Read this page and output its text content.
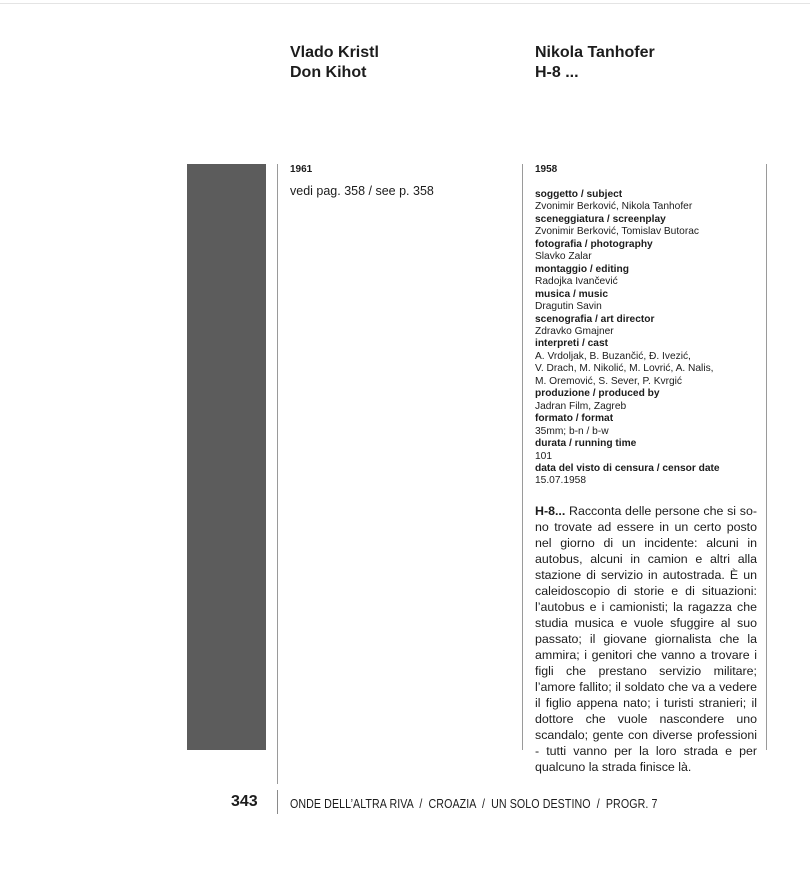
Vlado Kristl
Don Kihot
Nikola Tanhofer
H-8 ...
1961
vedi pag. 358 / see p. 358
1958
soggetto / subject
Zvonimir Berković, Nikola Tanhofer
sceneggiatura / screenplay
Zvonimir Berković, Tomislav Butorac
fotografia / photography
Slavko Zalar
montaggio / editing
Radojka Ivančević
musica / music
Dragutin Savin
scenografia / art director
Zdravko Gmajner
interpreti / cast
A. Vrdoljak, B. Buzančić, Đ. Ivezić,
V. Drach, M. Nikolić, M. Lovrić, A. Nalis,
M. Oremović, S. Sever, P. Kvrgić
produzione / produced by
Jadran Film, Zagreb
formato / format
35mm; b-n / b-w
durata / running time
101
data del visto di censura / censor date
15.07.1958
H-8... Racconta delle persone che si sono trovate ad essere in un certo posto nel giorno di un incidente: alcuni in autobus, alcuni in camion e altri alla stazione di servizio in autostrada. È un caleidoscopio di storie e di situazioni: l’autobus e i camionisti; la ragazza che studia musica e vuole sfuggire al suo passato; il giovane giornalista che la ammira; i genitori che vanno a trovare i figli che prestano servizio militare; l’amore fallito; il soldato che va a vedere il figlio appena nato; i turisti stranieri; il dottore che vuole nascondere uno scandalo; gente con diverse professioni - tutti vanno per la loro strada e per qualcuno la strada finisce là.
343 ONDE DELL’ALTRA RIVA  /  CROAZIA  /  UN SOLO DESTINO  /  PROGR. 7
